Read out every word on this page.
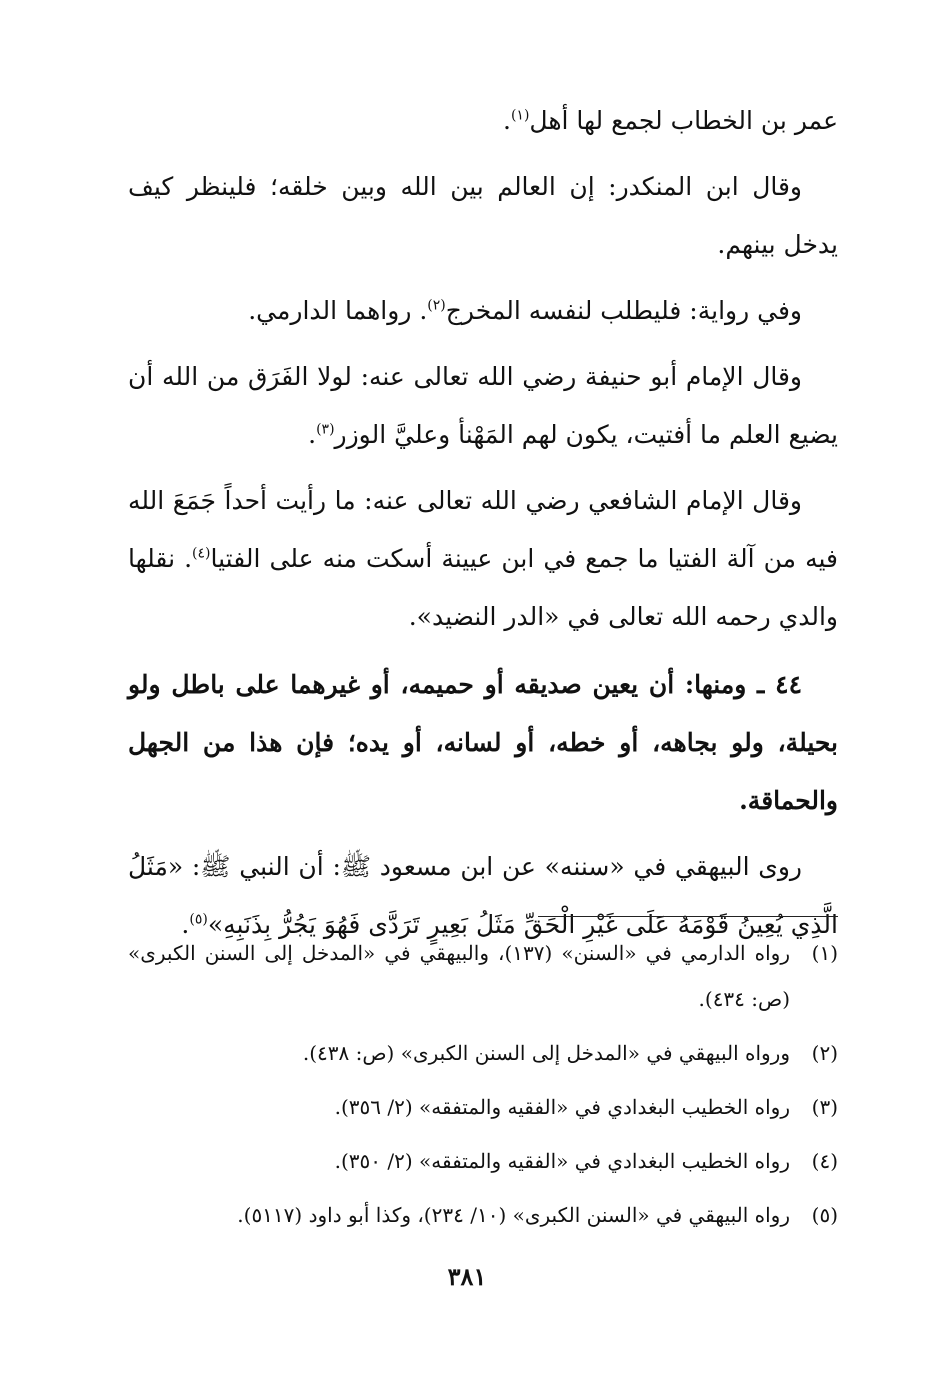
عمر بن الخطاب لجمع لها أهل$^{(١)}$.

وقال ابن المنكدر: إن العالم بين الله وبين خلقه؛ فلينظر كيف يدخل بينهم.

وفي رواية: فليطلب لنفسه المخرج$^{(٢)}$. رواهما الدارمي.

وقال الإمام أبو حنيفة رضي الله تعالى عنه: لولا الفَرَق من الله أن يضيع العلم ما أفتيت، يكون لهم المَهْنأ وعليَّ الوزر$^{(٣)}$.

وقال الإمام الشافعي رضي الله تعالى عنه: ما رأيت أحداً جَمَعَ الله فيه من آلة الفتيا ما جمع في ابن عيينة أسكت منه على الفتيا$^{(٤)}$. نقلها والدي رحمه الله تعالى في «الدر النضيد».

٤٤ ـ ومنها: أن يعين صديقه أو حميمه، أو غيرهما على باطل ولو بحيلة، ولو بجاهه، أو خطه، أو لسانه، أو يده؛ فإن هذا من الجهل والحماقة.

روى البيهقي في «سننه» عن ابن مسعود ﷺ: أن النبي ﷺ: «مَثَلُ الَّذِي يُعِينُ قَوْمَهُ عَلَى غَيْرِ الْحَقِّ مَثَلُ بَعِيرٍ تَرَدَّى فَهُوَ يَجُرُّ بِذَنَبِهِ»$^{(٥)}$.

(١)
رواه الدارمي في «السنن» (١٣٧)، والبيهقي في «المدخل إلى السنن الكبرى» (ص: ٤٣٤).
(٢)
ورواه البيهقي في «المدخل إلى السنن الكبرى» (ص: ٤٣٨).
(٣)
رواه الخطيب البغدادي في «الفقيه والمتفقه» (٢/ ٣٥٦).
(٤)
رواه الخطيب البغدادي في «الفقيه والمتفقه» (٢/ ٣٥٠).
(٥)
رواه البيهقي في «السنن الكبرى» (١٠/ ٢٣٤)، وكذا أبو داود (٥١١٧).
٣٨١
